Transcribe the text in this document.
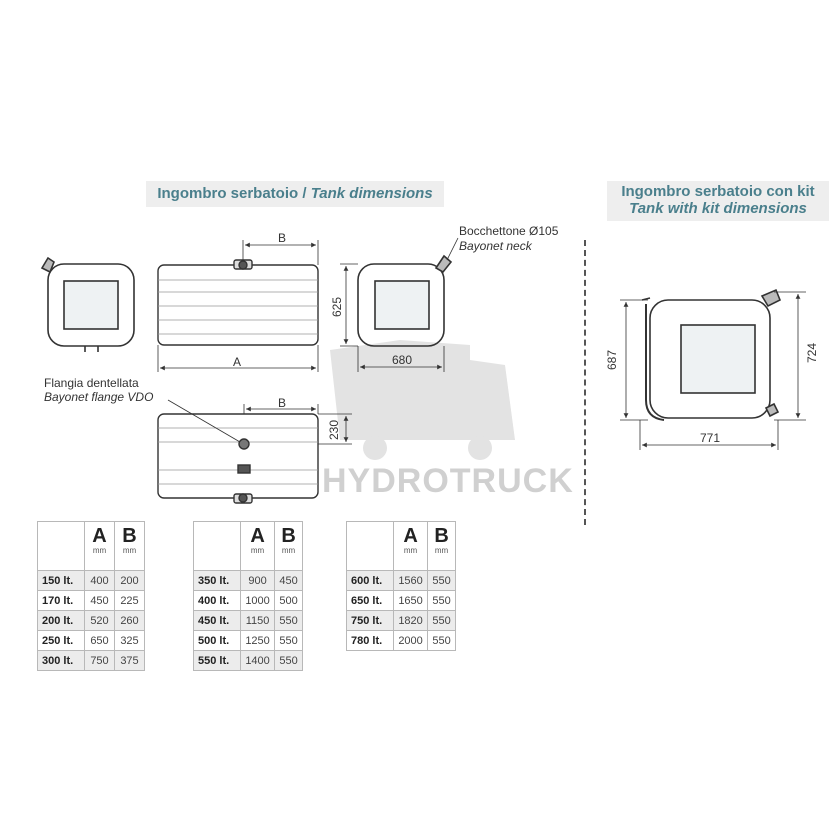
Ingombro serbatoio / Tank dimensions	Ingombro serbatoio con kit
Tank with kit dimensions
HYDROTRUCK
B
A
Bocchettone Ø105
Bayonet neck
625
680
Flangia dentellata
Bayonet flange VDO	B
230
687	724
771

	A
mm	B
mm

150 lt.	400	200
170 lt.	450	225
200 lt.	520	260
250 lt.	650	325
300 lt.	750	375

	A
mm	B
mm

350 lt.	900	450
400 lt.	1000	500
450 lt.	1150	550
500 lt.	1250	550
550 lt.	1400	550

	A
mm	B
mm

600 lt.	1560	550
650 lt.	1650	550
750 lt.	1820	550
780 lt.	2000	550
